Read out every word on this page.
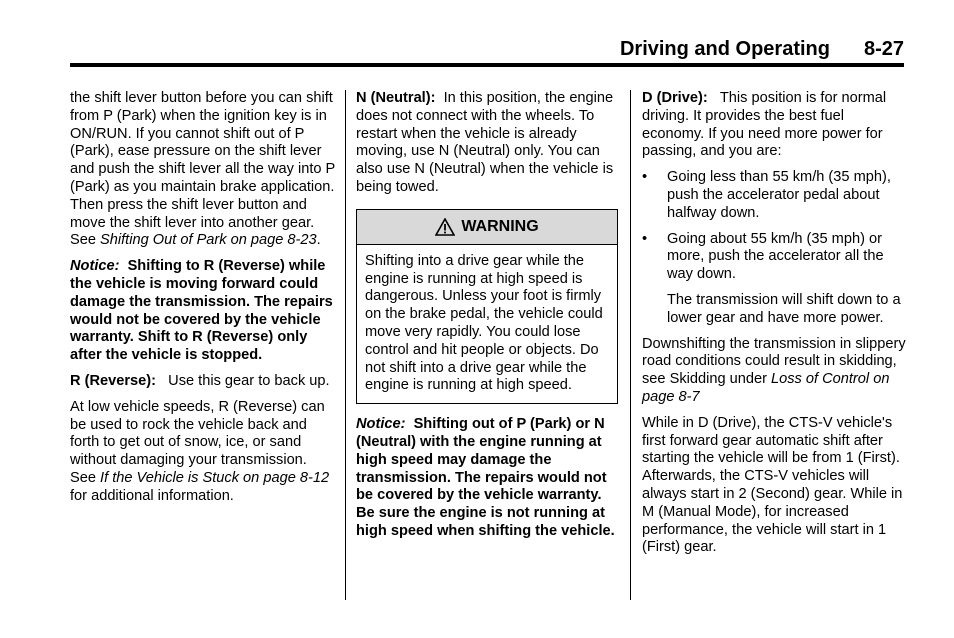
Driving and Operating 8-27

the shift lever button before you can shift from P (Park) when the ignition key is in ON/RUN. If you cannot shift out of P (Park), ease pressure on the shift lever and push the shift lever all the way into P (Park) as you maintain brake application. Then press the shift lever button and move the shift lever into another gear. See Shifting Out of Park on page 8-23.

Notice: Shifting to R (Reverse) while the vehicle is moving forward could damage the transmission. The repairs would not be covered by the vehicle warranty. Shift to R (Reverse) only after the vehicle is stopped.

R (Reverse): Use this gear to back up.

At low vehicle speeds, R (Reverse) can be used to rock the vehicle back and forth to get out of snow, ice, or sand without damaging your transmission. See If the Vehicle is Stuck on page 8-12 for additional information.

N (Neutral): In this position, the engine does not connect with the wheels. To restart when the vehicle is already moving, use N (Neutral) only. You can also use N (Neutral) when the vehicle is being towed.

WARNING
Shifting into a drive gear while the engine is running at high speed is dangerous. Unless your foot is firmly on the brake pedal, the vehicle could move very rapidly. You could lose control and hit people or objects. Do not shift into a drive gear while the engine is running at high speed.

Notice: Shifting out of P (Park) or N (Neutral) with the engine running at high speed may damage the transmission. The repairs would not be covered by the vehicle warranty. Be sure the engine is not running at high speed when shifting the vehicle.

D (Drive): This position is for normal driving. It provides the best fuel economy. If you need more power for passing, and you are:

• Going less than 55 km/h (35 mph), push the accelerator pedal about halfway down.
• Going about 55 km/h (35 mph) or more, push the accelerator all the way down.

The transmission will shift down to a lower gear and have more power.

Downshifting the transmission in slippery road conditions could result in skidding, see Skidding under Loss of Control on page 8-7

While in D (Drive), the CTS-V vehicle's first forward gear automatic shift after starting the vehicle will be from 1 (First). Afterwards, the CTS-V vehicles will always start in 2 (Second) gear. While in M (Manual Mode), for increased performance, the vehicle will start in 1 (First) gear.
